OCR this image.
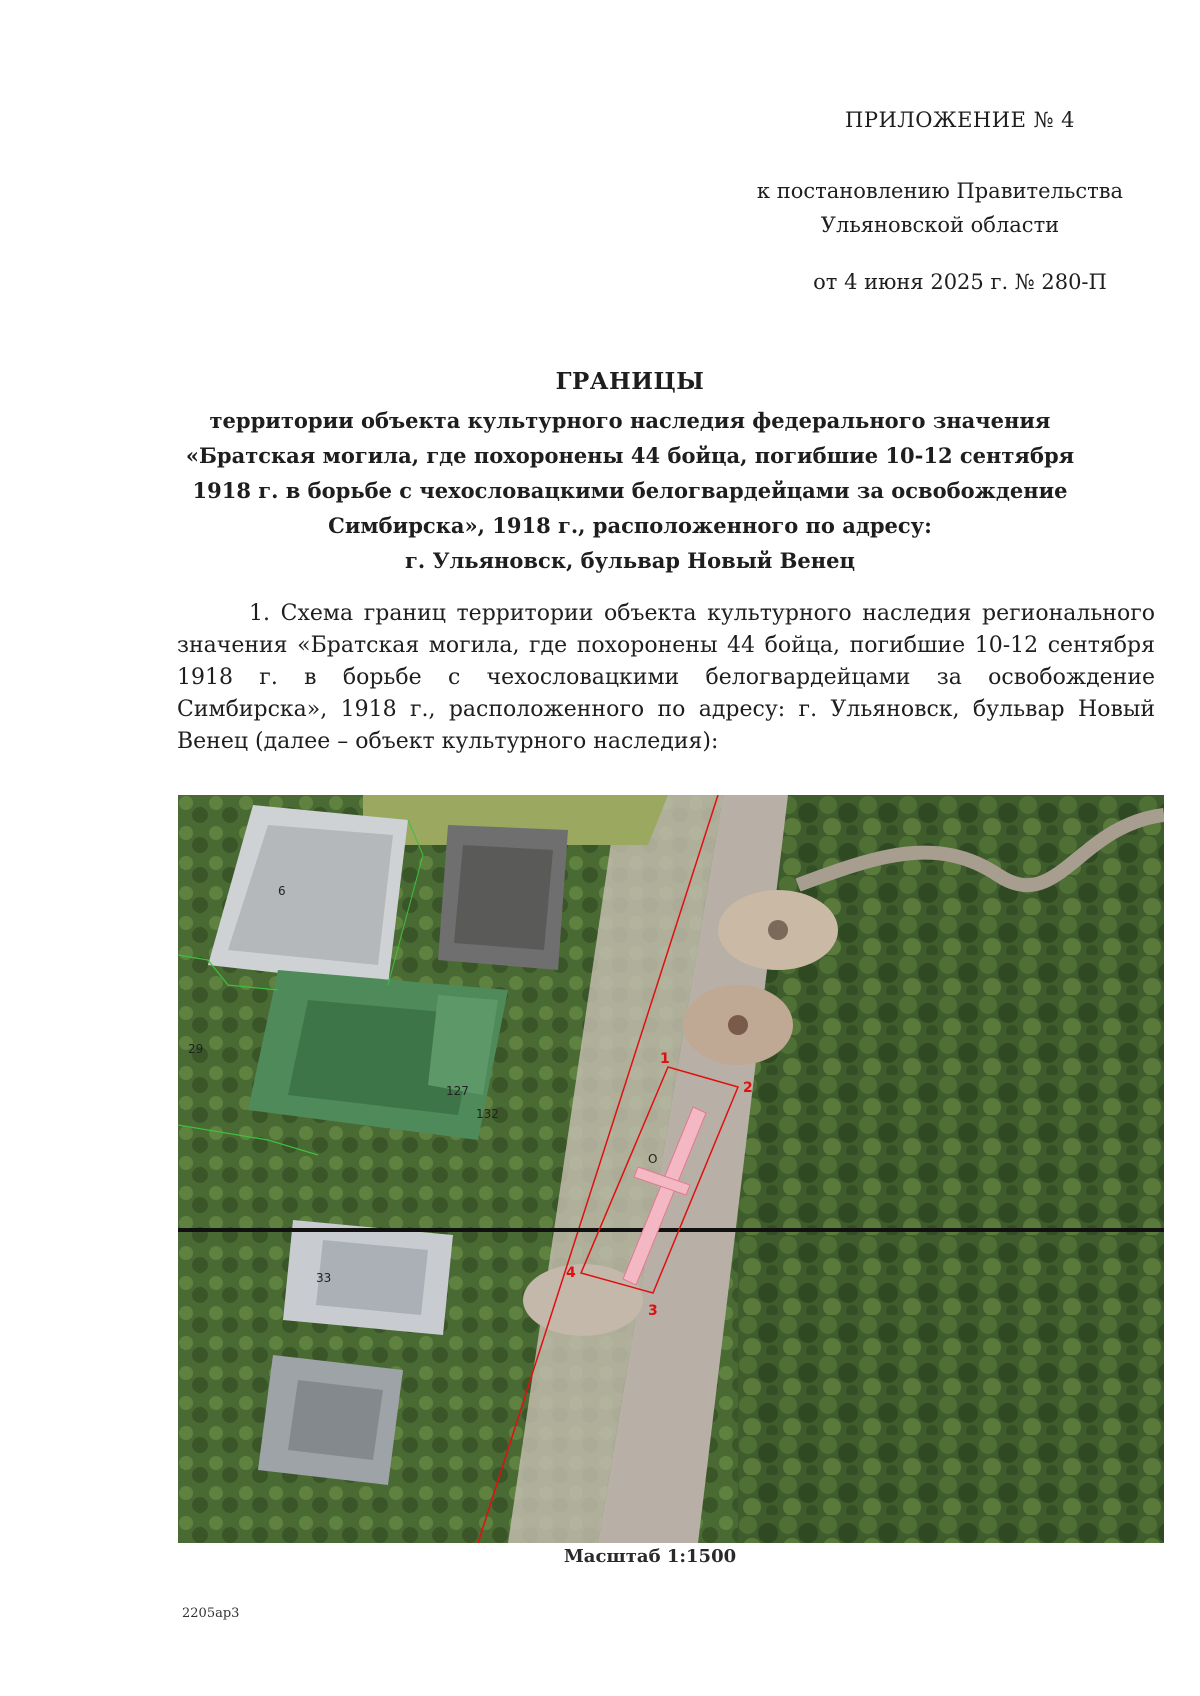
ПРИЛОЖЕНИЕ № 4
к постановлению Правительства
Ульяновской области
от 4 июня 2025 г. № 280-П
ГРАНИЦЫ
территории объекта культурного наследия федерального значения
«Братская могила, где похоронены 44 бойца, погибшие 10-12 сентября
1918 г. в борьбе с чехословацкими белогвардейцами за освобождение
Симбирска», 1918 г., расположенного по адресу:
г. Ульяновск, бульвар Новый Венец
1. Схема границ территории объекта культурного наследия регионального значения «Братская могила, где похоронены 44 бойца, погибшие 10-12 сентября 1918 г. в борьбе с чехословацкими белогвардейцами за освобождение Симбирска», 1918 г., расположенного по адресу: г. Ульяновск, бульвар Новый Венец (далее – объект культурного наследия):
1
2
3
4
О
6
127
132
33
29
Масштаб 1:1500
2205ap3
